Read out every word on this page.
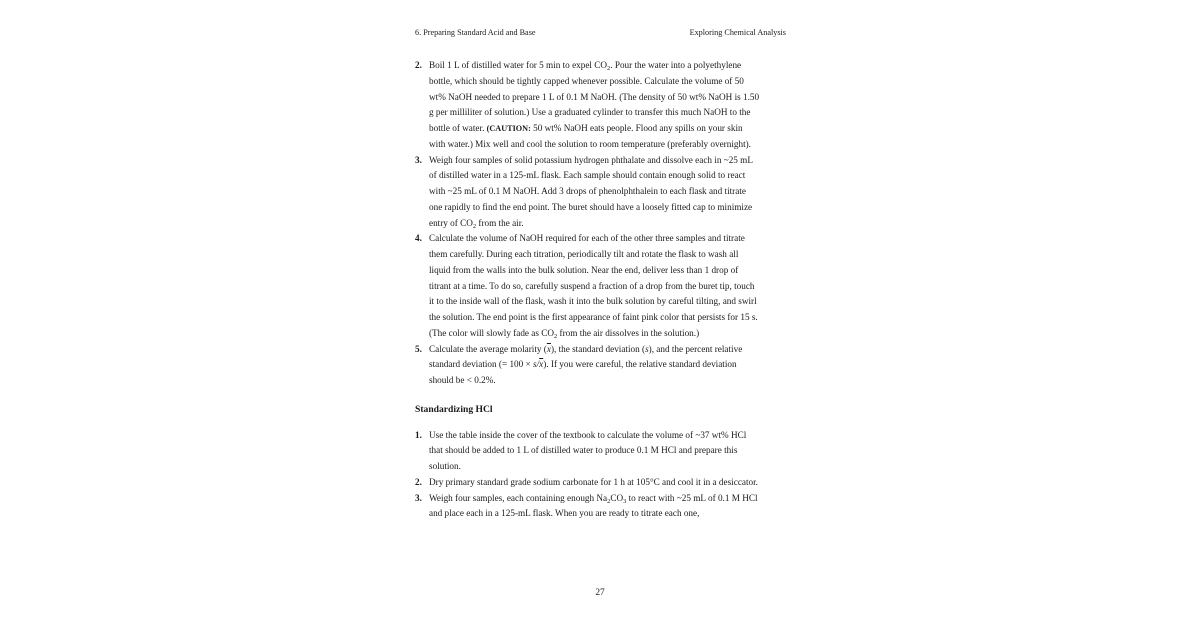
6. Preparing Standard Acid and Base	Exploring Chemical Analysis
2. Boil 1 L of distilled water for 5 min to expel $CO_2$. Pour the water into a polyethylene bottle, which should be tightly capped whenever possible. Calculate the volume of 50 wt% NaOH needed to prepare 1 L of 0.1 M NaOH. (The density of 50 wt% NaOH is 1.50 g per milliliter of solution.) Use a graduated cylinder to transfer this much NaOH to the bottle of water. (CAUTION: 50 wt% NaOH eats people. Flood any spills on your skin with water.) Mix well and cool the solution to room temperature (preferably overnight).
3. Weigh four samples of solid potassium hydrogen phthalate and dissolve each in ~25 mL of distilled water in a 125-mL flask. Each sample should contain enough solid to react with ~25 mL of 0.1 M NaOH. Add 3 drops of phenolphthalein to each flask and titrate one rapidly to find the end point. The buret should have a loosely fitted cap to minimize entry of $CO_2$ from the air.
4. Calculate the volume of NaOH required for each of the other three samples and titrate them carefully. During each titration, periodically tilt and rotate the flask to wash all liquid from the walls into the bulk solution. Near the end, deliver less than 1 drop of titrant at a time. To do so, carefully suspend a fraction of a drop from the buret tip, touch it to the inside wall of the flask, wash it into the bulk solution by careful tilting, and swirl the solution. The end point is the first appearance of faint pink color that persists for 15 s. (The color will slowly fade as $CO_2$ from the air dissolves in the solution.)
5. Calculate the average molarity $(\overline{x})$, the standard deviation (s), and the percent relative standard deviation (= $100 \times s/\overline{x}$). If you were careful, the relative standard deviation should be < 0.2%.
Standardizing HCl
1. Use the table inside the cover of the textbook to calculate the volume of ~37 wt% HCl that should be added to 1 L of distilled water to produce 0.1 M HCl and prepare this solution.
2. Dry primary standard grade sodium carbonate for 1 h at 105°C and cool it in a desiccator.
3. Weigh four samples, each containing enough $Na_2CO_3$ to react with ~25 mL of 0.1 M HCl and place each in a 125-mL flask. When you are ready to titrate each one,
27
